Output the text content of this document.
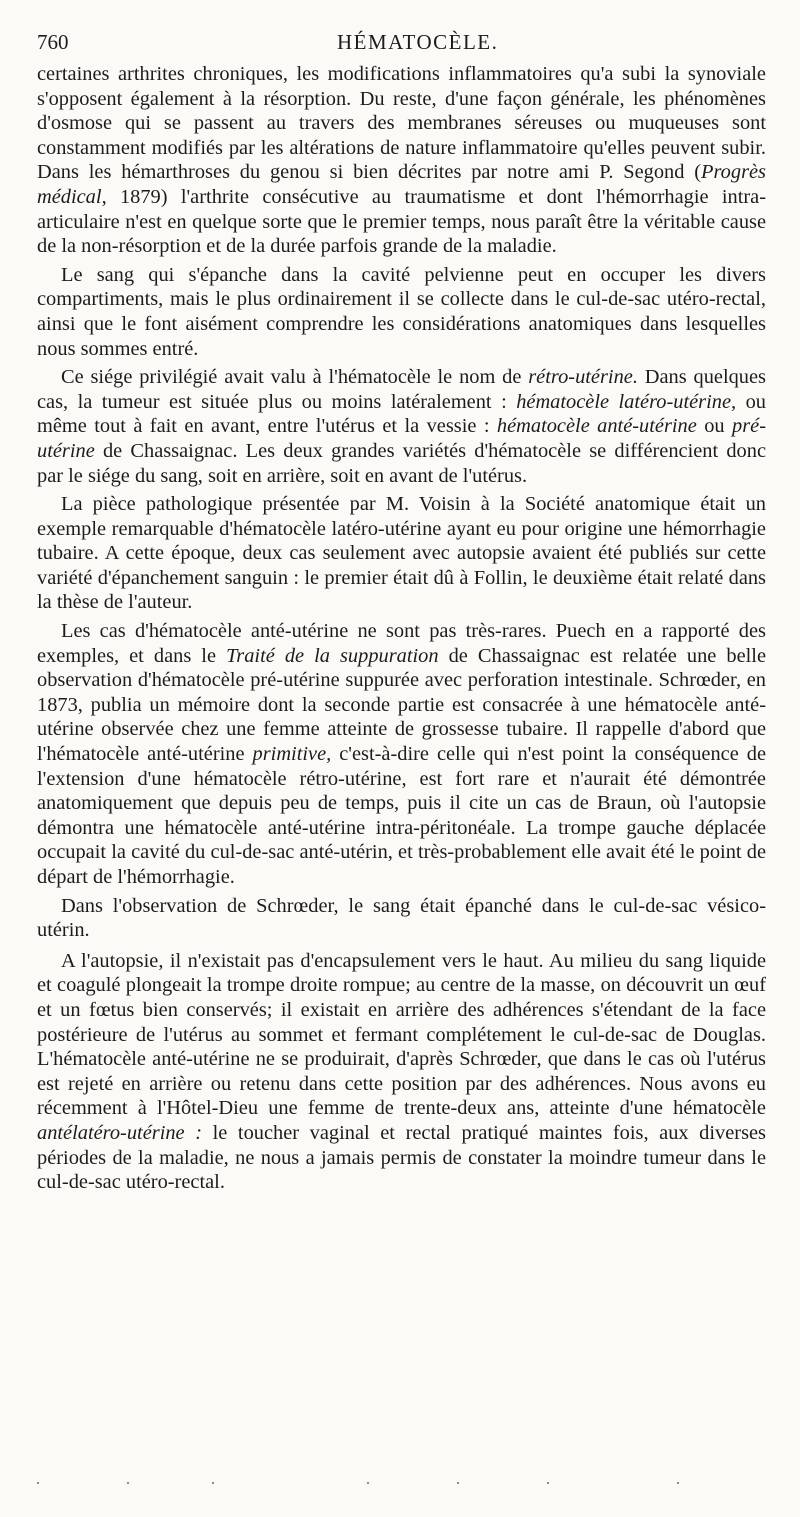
760	HÉMATOCÈLE.

certaines arthrites chroniques, les modifications inflammatoires qu'a subi la synoviale s'opposent également à la résorption. Du reste, d'une façon générale, les phénomènes d'osmose qui se passent au travers des membranes séreuses ou muqueuses sont constamment modifiés par les altérations de nature inflammatoire qu'elles peuvent subir. Dans les hémarthroses du genou si bien décrites par notre ami P. Segond (Progrès médical, 1879) l'arthrite consécutive au traumatisme et dont l'hémorrhagie intra-articulaire n'est en quelque sorte que le premier temps, nous paraît être la véritable cause de la non-résorption et de la durée parfois grande de la maladie.

Le sang qui s'épanche dans la cavité pelvienne peut en occuper les divers compartiments, mais le plus ordinairement il se collecte dans le cul-de-sac utéro-rectal, ainsi que le font aisément comprendre les considérations anatomiques dans lesquelles nous sommes entré.

Ce siége privilégié avait valu à l'hématocèle le nom de rétro-utérine. Dans quelques cas, la tumeur est située plus ou moins latéralement : hématocèle latéro-utérine, ou même tout à fait en avant, entre l'utérus et la vessie : hématocèle anté-utérine ou pré-utérine de Chassaignac. Les deux grandes variétés d'hématocèle se différencient donc par le siége du sang, soit en arrière, soit en avant de l'utérus.

La pièce pathologique présentée par M. Voisin à la Société anatomique était un exemple remarquable d'hématocèle latéro-utérine ayant eu pour origine une hémorrhagie tubaire. A cette époque, deux cas seulement avec autopsie avaient été publiés sur cette variété d'épanchement sanguin : le premier était dû à Follin, le deuxième était relaté dans la thèse de l'auteur.

Les cas d'hématocèle anté-utérine ne sont pas très-rares. Puech en a rapporté des exemples, et dans le Traité de la suppuration de Chassaignac est relatée une belle observation d'hématocèle pré-utérine suppurée avec perforation intestinale. Schrœder, en 1873, publia un mémoire dont la seconde partie est consacrée à une hématocèle anté-utérine observée chez une femme atteinte de grossesse tubaire. Il rappelle d'abord que l'hématocèle anté-utérine primitive, c'est-à-dire celle qui n'est point la conséquence de l'extension d'une hématocèle rétro-utérine, est fort rare et n'aurait été démontrée anatomiquement que depuis peu de temps, puis il cite un cas de Braun, où l'autopsie démontra une hématocèle anté-utérine intra-péritonéale. La trompe gauche déplacée occupait la cavité du cul-de-sac anté-utérin, et très-probablement elle avait été le point de départ de l'hémorrhagie.

Dans l'observation de Schrœder, le sang était épanché dans le cul-de-sac vésico-utérin.

A l'autopsie, il n'existait pas d'encapsulement vers le haut. Au milieu du sang liquide et coagulé plongeait la trompe droite rompue; au centre de la masse, on découvrit un œuf et un fœtus bien conservés; il existait en arrière des adhérences s'étendant de la face postérieure de l'utérus au sommet et fermant complétement le cul-de-sac de Douglas. L'hématocèle anté-utérine ne se produirait, d'après Schrœder, que dans le cas où l'utérus est rejeté en arrière ou retenu dans cette position par des adhérences. Nous avons eu récemment à l'Hôtel-Dieu une femme de trente-deux ans, atteinte d'une hématocèle antélatéro-utérine : le toucher vaginal et rectal pratiqué maintes fois, aux diverses périodes de la maladie, ne nous a jamais permis de constater la moindre tumeur dans le cul-de-sac utéro-rectal.
